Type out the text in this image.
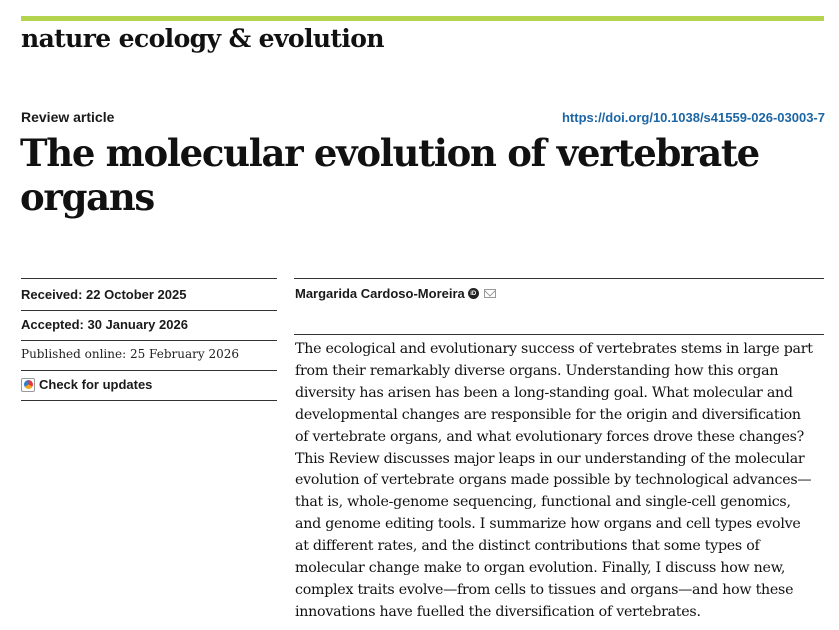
nature ecology & evolution
Review article	https://doi.org/10.1038/s41559-026-03003-7
The molecular evolution of vertebrate organs
Received: 22 October 2025
Accepted: 30 January 2026
Published online: 25 February 2026
Check for updates
Margarida Cardoso-Moreira iD

The ecological and evolutionary success of vertebrates stems in large part from their remarkably diverse organs. Understanding how this organ diversity has arisen has been a long-standing goal. What molecular and developmental changes are responsible for the origin and diversification of vertebrate organs, and what evolutionary forces drove these changes? This Review discusses major leaps in our understanding of the molecular evolution of vertebrate organs made possible by technological advances—that is, whole-genome sequencing, functional and single-cell genomics, and genome editing tools. I summarize how organs and cell types evolve at different rates, and the distinct contributions that some types of molecular change make to organ evolution. Finally, I discuss how new, complex traits evolve—from cells to tissues and organs—and how these innovations have fuelled the diversification of vertebrates.
